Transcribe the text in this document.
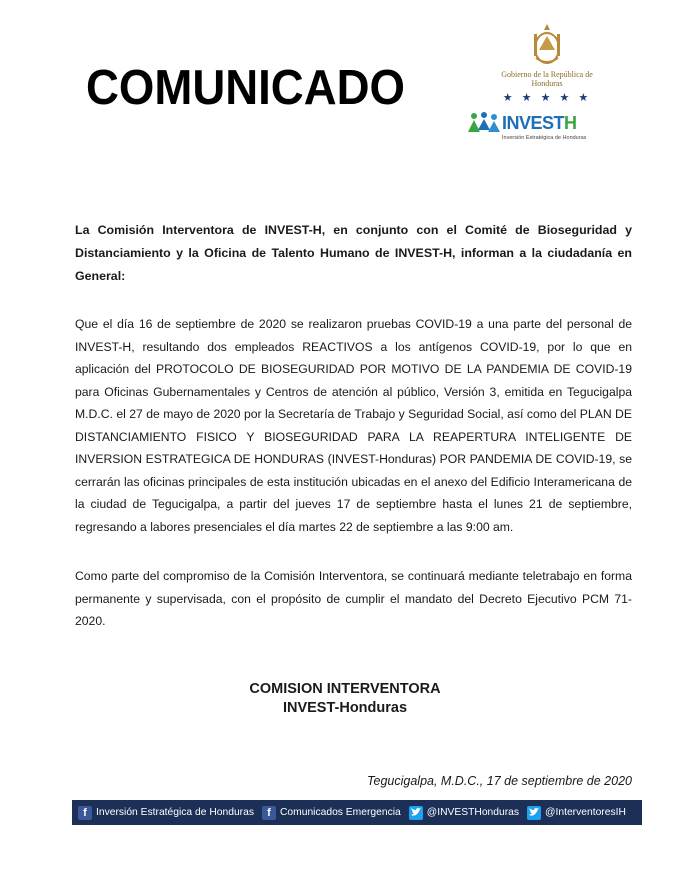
COMUNICADO	Gobierno de la República de Honduras
★ ★ ★ ★ ★
INVESTH
Inversión Estratégica de Honduras
La Comisión Interventora de INVEST-H, en conjunto con el Comité de Bioseguridad y Distanciamiento y la Oficina de Talento Humano de INVEST-H, informan a la ciudadanía en General:
Que el día 16 de septiembre de 2020 se realizaron pruebas COVID-19 a una parte del personal de INVEST-H, resultando dos empleados REACTIVOS a los antígenos COVID-19, por lo que en aplicación del PROTOCOLO DE BIOSEGURIDAD POR MOTIVO DE LA PANDEMIA DE COVID-19 para Oficinas Gubernamentales y Centros de atención al público, Versión 3, emitida en Tegucigalpa M.D.C. el 27 de mayo de 2020 por la Secretaría de Trabajo y Seguridad Social, así como del PLAN DE DISTANCIAMIENTO FISICO Y BIOSEGURIDAD PARA LA REAPERTURA INTELIGENTE DE INVERSION ESTRATEGICA DE HONDURAS (INVEST-Honduras) POR PANDEMIA DE COVID-19, se cerrarán las oficinas principales de esta institución ubicadas en el anexo del Edificio Interamericana de la ciudad de Tegucigalpa, a partir del jueves 17 de septiembre hasta el lunes 21 de septiembre, regresando a labores presenciales el día martes 22 de septiembre a las 9:00 am.
Como parte del compromiso de la Comisión Interventora, se continuará mediante teletrabajo en forma permanente y supervisada, con el propósito de cumplir el mandato del Decreto Ejecutivo PCM 71-2020.
COMISION INTERVENTORA
INVEST-Honduras
Tegucigalpa, M.D.C., 17 de septiembre de 2020
f Inversión Estratégica de Honduras	f Comunicados Emergencia	@INVESTHonduras	@InterventoresIH
